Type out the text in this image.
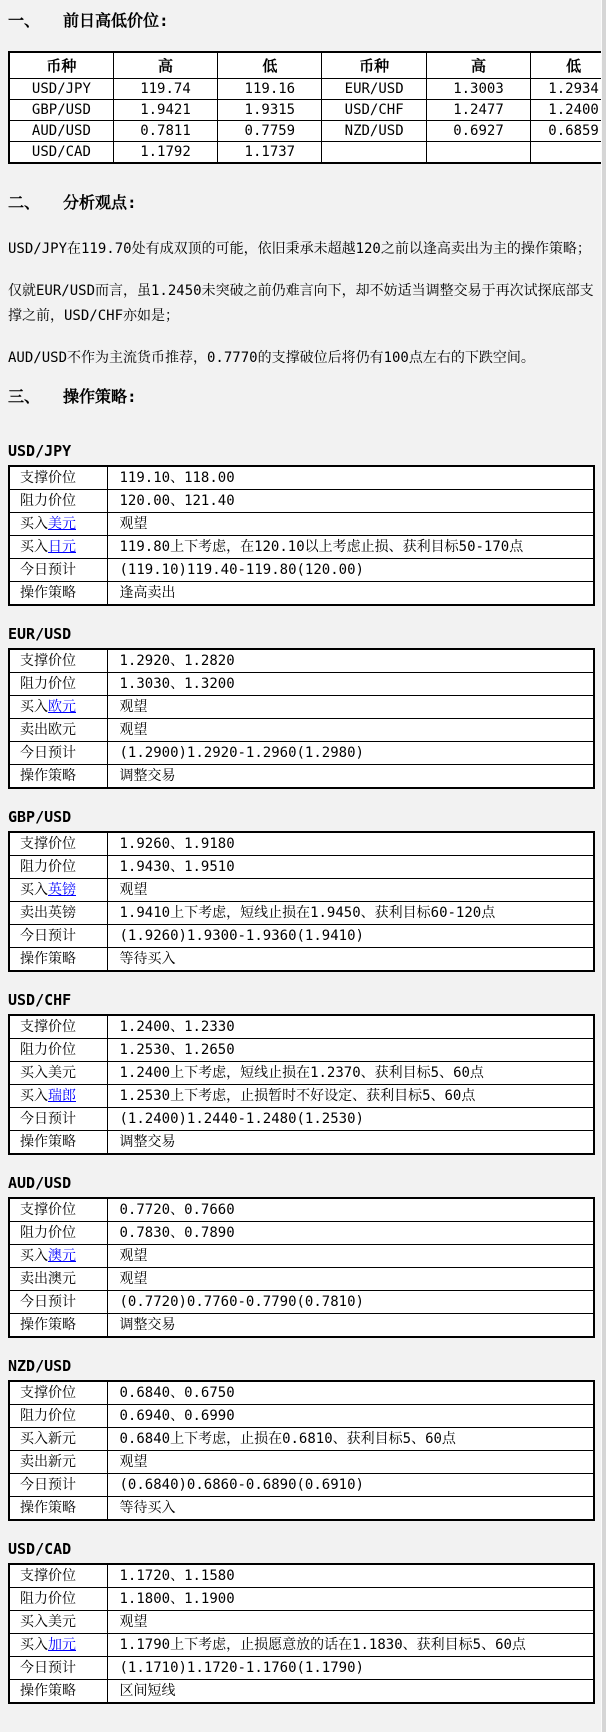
一、 前日高低价位:
币种	高	低	币种	高	低
USD/JPY	119.74	119.16	EUR/USD	1.3003	1.2934
GBP/USD	1.9421	1.9315	USD/CHF	1.2477	1.2400
AUD/USD	0.7811	0.7759	NZD/USD	0.6927	0.6859
USD/CAD	1.1792	1.1737			
二、 分析观点:

USD/JPY在119.70处有成双顶的可能，依旧秉承未超越120之前以逢高卖出为主的操作策略；

仅就EUR/USD而言，虽1.2450未突破之前仍难言向下，却不妨适当调整交易于再次试探底部支撑之前，USD/CHF亦如是；

AUD/USD不作为主流货币推荐，0.7770的支撑破位后将仍有100点左右的下跌空间。

三、 操作策略:
USD/JPY
支撑价位	119.10、118.00
阻力价位	120.00、121.40
买入美元	观望
买入日元	119.80上下考虑，在120.10以上考虑止损、获利目标50-170点
今日预计	(119.10)119.40-119.80(120.00)
操作策略	逢高卖出
EUR/USD
支撑价位	1.2920、1.2820
阻力价位	1.3030、1.3200
买入欧元	观望
卖出欧元	观望
今日预计	(1.2900)1.2920-1.2960(1.2980)
操作策略	调整交易
GBP/USD
支撑价位	1.9260、1.9180
阻力价位	1.9430、1.9510
买入英镑	观望
卖出英镑	1.9410上下考虑，短线止损在1.9450、获利目标60-120点
今日预计	(1.9260)1.9300-1.9360(1.9410)
操作策略	等待买入
USD/CHF
支撑价位	1.2400、1.2330
阻力价位	1.2530、1.2650
买入美元	1.2400上下考虑，短线止损在1.2370、获利目标5、60点
买入瑞郎	1.2530上下考虑，止损暂时不好设定、获利目标5、60点
今日预计	(1.2400)1.2440-1.2480(1.2530)
操作策略	调整交易
AUD/USD
支撑价位	0.7720、0.7660
阻力价位	0.7830、0.7890
买入澳元	观望
卖出澳元	观望
今日预计	(0.7720)0.7760-0.7790(0.7810)
操作策略	调整交易
NZD/USD
支撑价位	0.6840、0.6750
阻力价位	0.6940、0.6990
买入新元	0.6840上下考虑，止损在0.6810、获利目标5、60点
卖出新元	观望
今日预计	(0.6840)0.6860-0.6890(0.6910)
操作策略	等待买入
USD/CAD
支撑价位	1.1720、1.1580
阻力价位	1.1800、1.1900
买入美元	观望
买入加元	1.1790上下考虑，止损愿意放的话在1.1830、获利目标5、60点
今日预计	(1.1710)1.1720-1.1760(1.1790)
操作策略	区间短线
